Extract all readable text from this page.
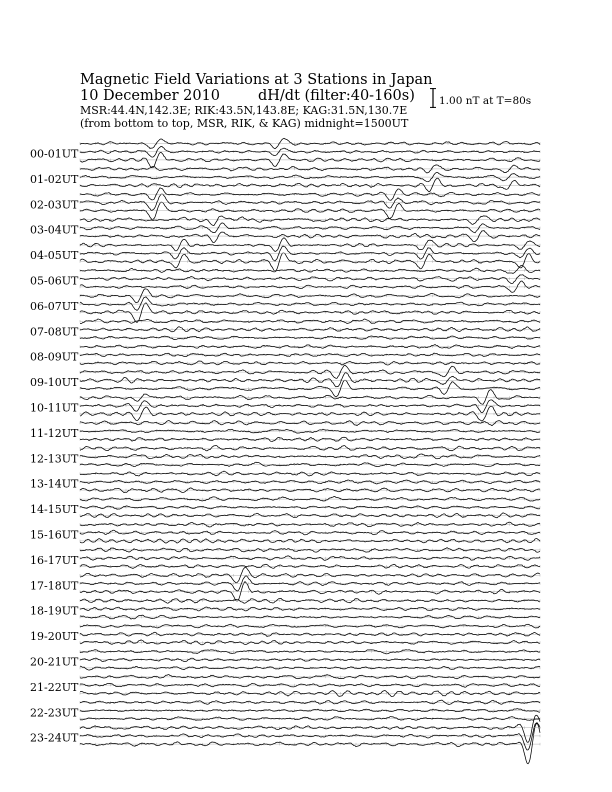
Magnetic Field Variations at 3 Stations in Japan
10 December 2010	dH/dt (filter:40-160s)
MSR:44.4N,142.3E; RIK:43.5N,143.8E; KAG:31.5N,130.7E
(from bottom to top, MSR, RIK, & KAG) midnight=1500UT
1.00 nT at T=80s
00-01UT
01-02UT
02-03UT
03-04UT
04-05UT
05-06UT
06-07UT
07-08UT
08-09UT
09-10UT
10-11UT
11-12UT
12-13UT
13-14UT
14-15UT
15-16UT
16-17UT
17-18UT
18-19UT
19-20UT
20-21UT
21-22UT
22-23UT
23-24UT
